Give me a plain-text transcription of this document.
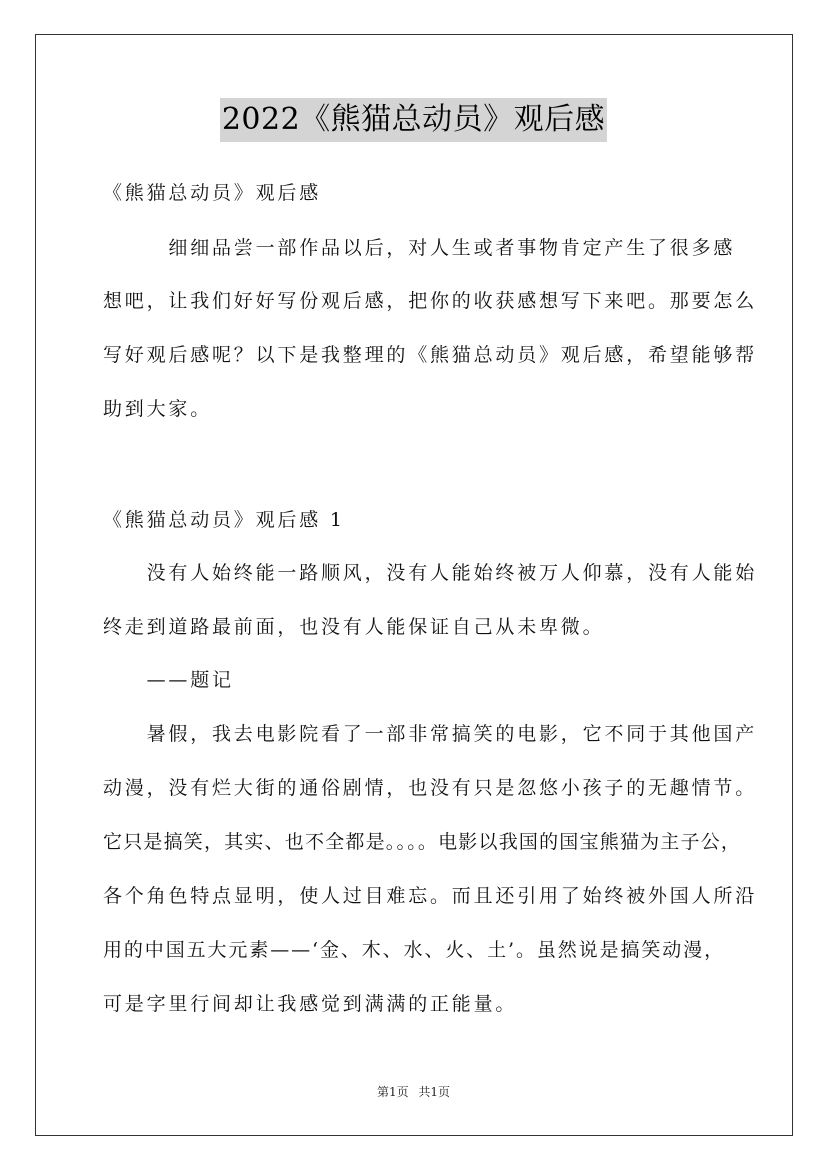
2022《熊猫总动员》观后感
《熊猫总动员》观后感
　　　细细品尝一部作品以后，对人生或者事物肯定产生了很多感
想吧，让我们好好写份观后感，把你的收获感想写下来吧。那要怎么
写好观后感呢？以下是我整理的《熊猫总动员》观后感，希望能够帮
助到大家。
《熊猫总动员》观后感 1
　　没有人始终能一路顺风，没有人能始终被万人仰慕，没有人能始
终走到道路最前面，也没有人能保证自己从未卑微。
　　——题记
　　暑假，我去电影院看了一部非常搞笑的电影，它不同于其他国产
动漫，没有烂大街的通俗剧情，也没有只是忽悠小孩子的无趣情节。
它只是搞笑，其实、也不全都是。。。。电影以我国的国宝熊猫为主子公，
各个角色特点显明，使人过目难忘。而且还引用了始终被外国人所沿
用的中国五大元素——‘金、木、水、火、土’。虽然说是搞笑动漫，
可是字里行间却让我感觉到满满的正能量。
第1页 共1页
